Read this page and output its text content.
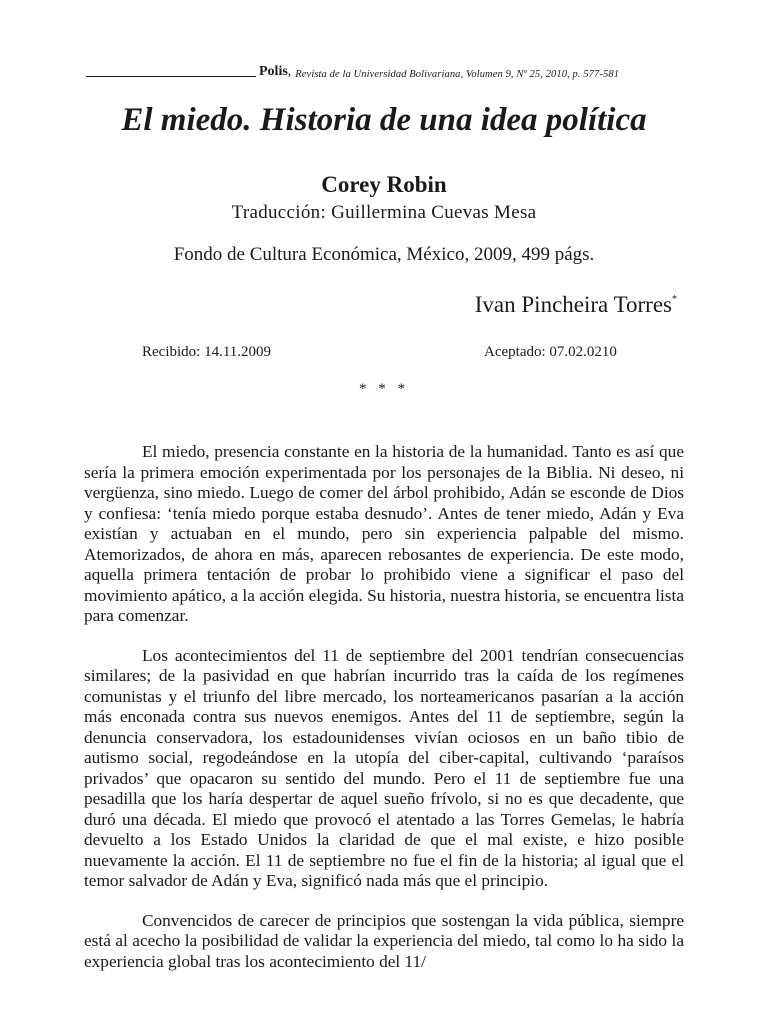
Polis , Revista de la Universidad Bolivariana, Volumen 9, Nº 25, 2010, p. 577-581
El miedo. Historia de una idea política
Corey Robin
Traducción: Guillermina Cuevas Mesa
Fondo de Cultura Económica, México, 2009, 499 págs.
Ivan Pincheira Torres*
Recibido: 14.11.2009	Aceptado: 07.02.0210
* * *

El miedo, presencia constante en la historia de la humanidad. Tanto es así que sería la primera emoción experimentada por los personajes de la Biblia. Ni deseo, ni vergüenza, sino miedo. Luego de comer del árbol prohibido, Adán se esconde de Dios y confiesa: ‘tenía miedo porque estaba desnudo’. Antes de tener miedo, Adán y Eva existían y actuaban en el mundo, pero sin experiencia palpable del mismo. Atemorizados, de ahora en más, aparecen rebosantes de experiencia. De este modo, aquella primera tentación de probar lo prohibido viene a significar el paso del movimiento apático, a la acción elegida. Su historia, nuestra historia, se encuentra lista para comenzar.

Los acontecimientos del 11 de septiembre del 2001 tendrían consecuencias similares; de la pasividad en que habrían incurrido tras la caída de los regímenes comunistas y el triunfo del libre mercado, los norteamericanos pasarían a la acción más enconada contra sus nuevos enemigos. Antes del 11 de septiembre, según la denuncia conservadora, los estadounidenses vivían ociosos en un baño tibio de autismo social, regodeándose en la utopía del ciber-capital, cultivando ‘paraísos privados’ que opacaron su sentido del mundo. Pero el 11 de septiembre fue una pesadilla que los haría despertar de aquel sueño frívolo, si no es que decadente, que duró una década. El miedo que provocó el atentado a las Torres Gemelas, le habría devuelto a los Estado Unidos la claridad de que el mal existe, e hizo posible nuevamente la acción. El 11 de septiembre no fue el fin de la historia; al igual que el temor salvador de Adán y Eva, significó nada más que el principio.

Convencidos de carecer de principios que sostengan la vida pública, siempre está al acecho la posibilidad de validar la experiencia del miedo, tal como lo ha sido la experiencia global tras los acontecimiento del 11/
